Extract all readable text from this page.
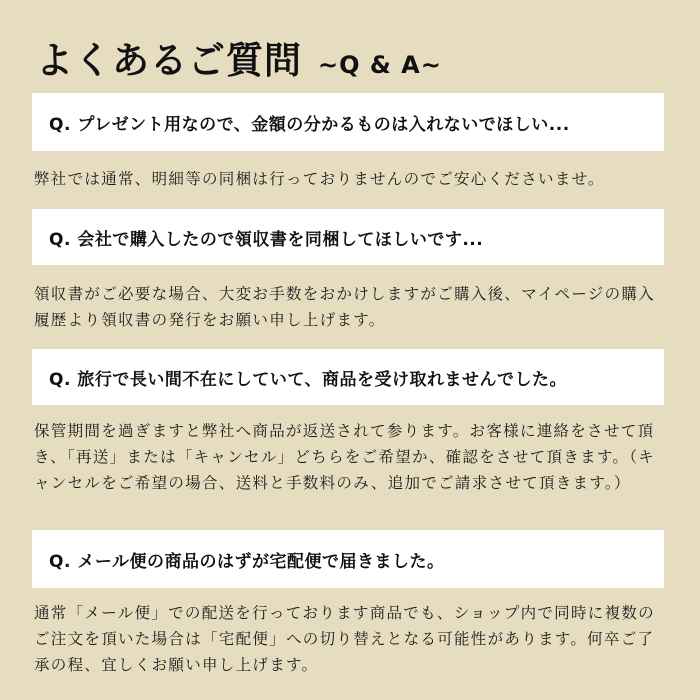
よくあるご質問 ~Q & A~
Q. プレゼント用なので、金額の分かるものは入れないでほしい...

弊社では通常、明細等の同梱は行っておりませんのでご安心くださいませ。

Q. 会社で購入したので領収書を同梱してほしいです...

領収書がご必要な場合、大変お手数をおかけしますがご購入後、マイページの購入履歴より領収書の発行をお願い申し上げます。

Q. 旅行で長い間不在にしていて、商品を受け取れませんでした。

保管期間を過ぎますと弊社へ商品が返送されて参ります。お客様に連絡をさせて頂き、「再送」または「キャンセル」どちらをご希望か、確認をさせて頂きます。（キャンセルをご希望の場合、送料と手数料のみ、追加でご請求させて頂きます。）

Q. メール便の商品のはずが宅配便で届きました。

通常「メール便」での配送を行っております商品でも、ショップ内で同時に複数のご注文を頂いた場合は「宅配便」への切り替えとなる可能性があります。何卒ご了承の程、宜しくお願い申し上げます。
